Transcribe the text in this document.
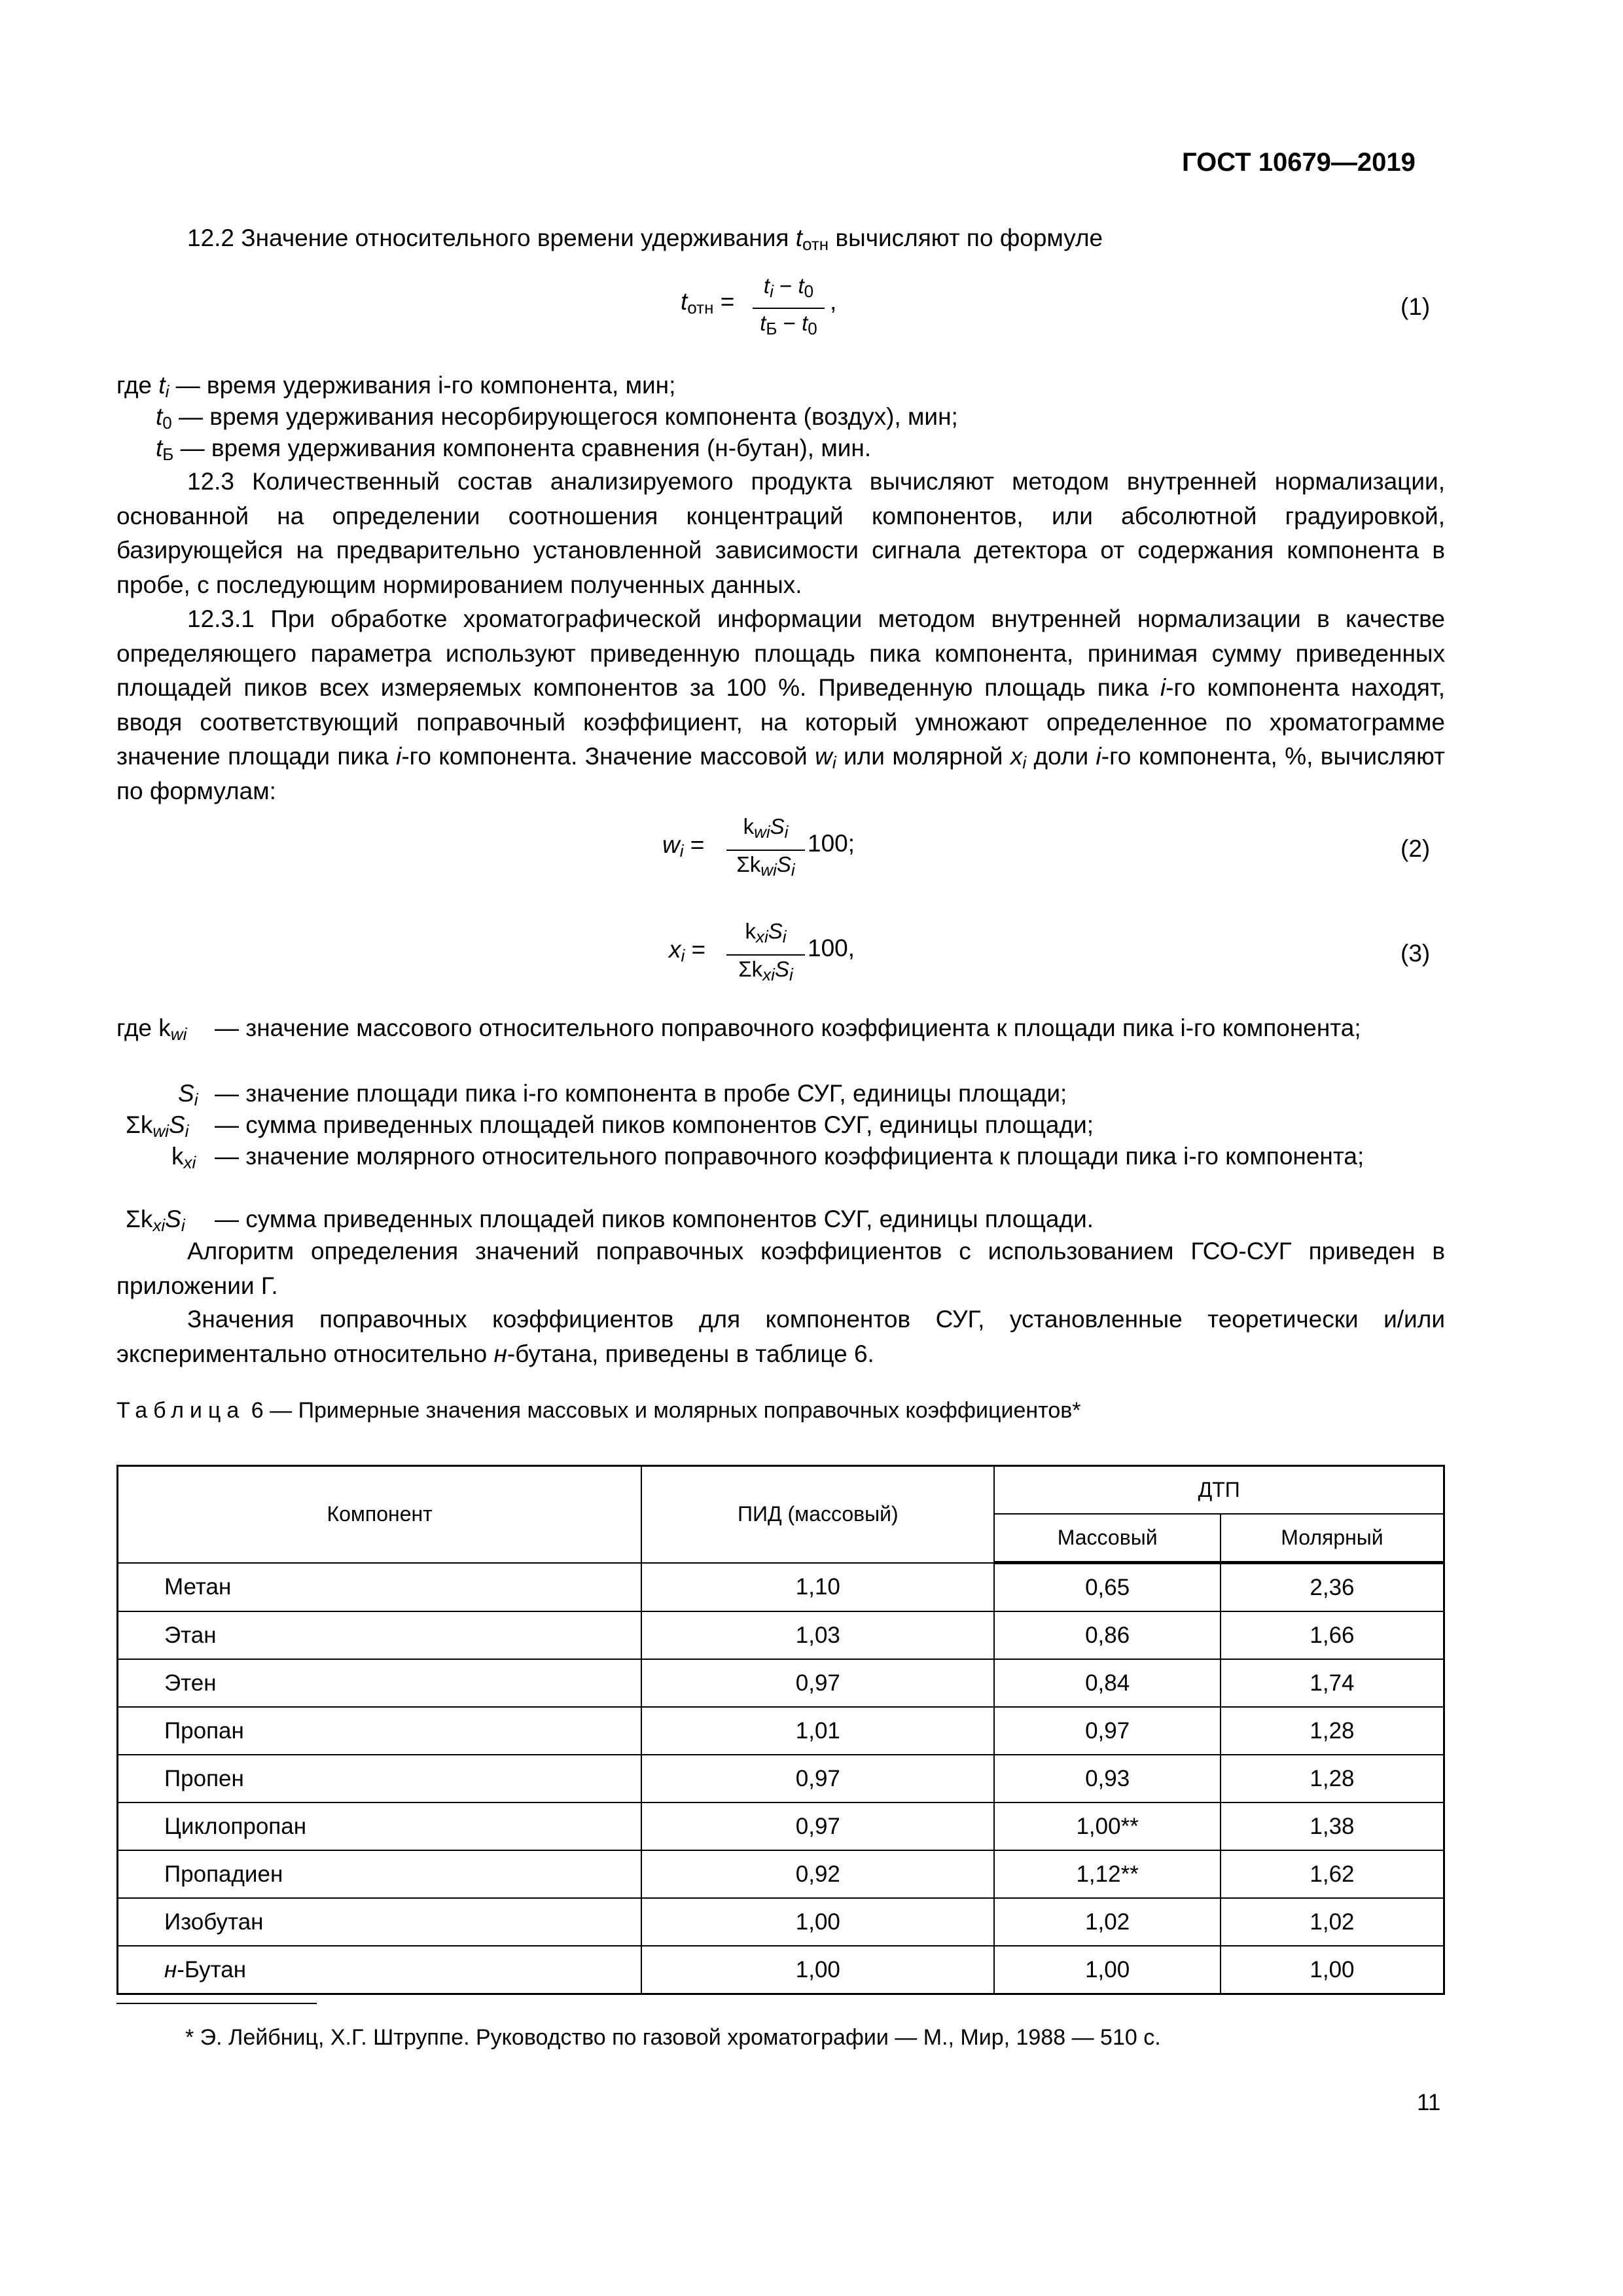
ГОСТ 10679—2019
12.2 Значение относительного времени удерживания $t_{отн}$ вычисляют по формуле
$t_{отн}$ =
$t_i - t_0$
$t_Б - t_0$
,	(1)
где $t_i$ — время удерживания i-го компонента, мин;
$t_0$ — время удерживания несорбирующегося компонента (воздух), мин;
$t_Б$ — время удерживания компонента сравнения (н-бутан), мин.
12.3 Количественный состав анализируемого продукта вычисляют методом внутренней нормализации, основанной на определении соотношения концентраций компонентов, или абсолютной градуировкой, базирующейся на предварительно установленной зависимости сигнала детектора от содержания компонента в пробе, с последующим нормированием полученных данных.
12.3.1 При обработке хроматографической информации методом внутренней нормализации в качестве определяющего параметра используют приведенную площадь пика компонента, принимая сумму приведенных площадей пиков всех измеряемых компонентов за 100 %. Приведенную площадь пика i-го компонента находят, вводя соответствующий поправочный коэффициент, на который умножают определенное по хроматограмме значение площади пика i-го компонента. Значение массовой $w_i$ или молярной $x_i$ доли i-го компонента, %, вычисляют по формулам:
$w_i$ =
$k_{wi}S_i$
$\Sigma k_{wi}S_i$
100;	(2)
$x_i$ =
$k_{xi}S_i$
$\Sigma k_{xi}S_i$
100,	(3)
где $k_{wi}$ — значение массового относительного поправочного коэффициента к площади пика i-го компонента;
$S_i$ — значение площади пика i-го компонента в пробе СУГ, единицы площади;
$\Sigma k_{wi}S_i$ — сумма приведенных площадей пиков компонентов СУГ, единицы площади;
$k_{xi}$ — значение молярного относительного поправочного коэффициента к площади пика i-го компонента;
$\Sigma k_{xi}S_i$ — сумма приведенных площадей пиков компонентов СУГ, единицы площади.
Алгоритм определения значений поправочных коэффициентов с использованием ГСО-СУГ приведен в приложении Г.
Значения поправочных коэффициентов для компонентов СУГ, установленные теоретически и/или экспериментально относительно н-бутана, приведены в таблице 6.
Таблица 6 — Примерные значения массовых и молярных поправочных коэффициентов*
Компонент	ПИД (массовый)	ДТП	
		Массовый	Молярный
Метан	1,10	0,65	2,36
Этан	1,03	0,86	1,66
Этен	0,97	0,84	1,74
Пропан	1,01	0,97	1,28
Пропен	0,97	0,93	1,28
Циклопропан	0,97	1,00**	1,38
Пропадиен	0,92	1,12**	1,62
Изобутан	1,00	1,02	1,02
н-Бутан	1,00	1,00	1,00
* Э. Лейбниц, Х.Г. Штруппе. Руководство по газовой хроматографии — М., Мир, 1988 — 510 с.
11
